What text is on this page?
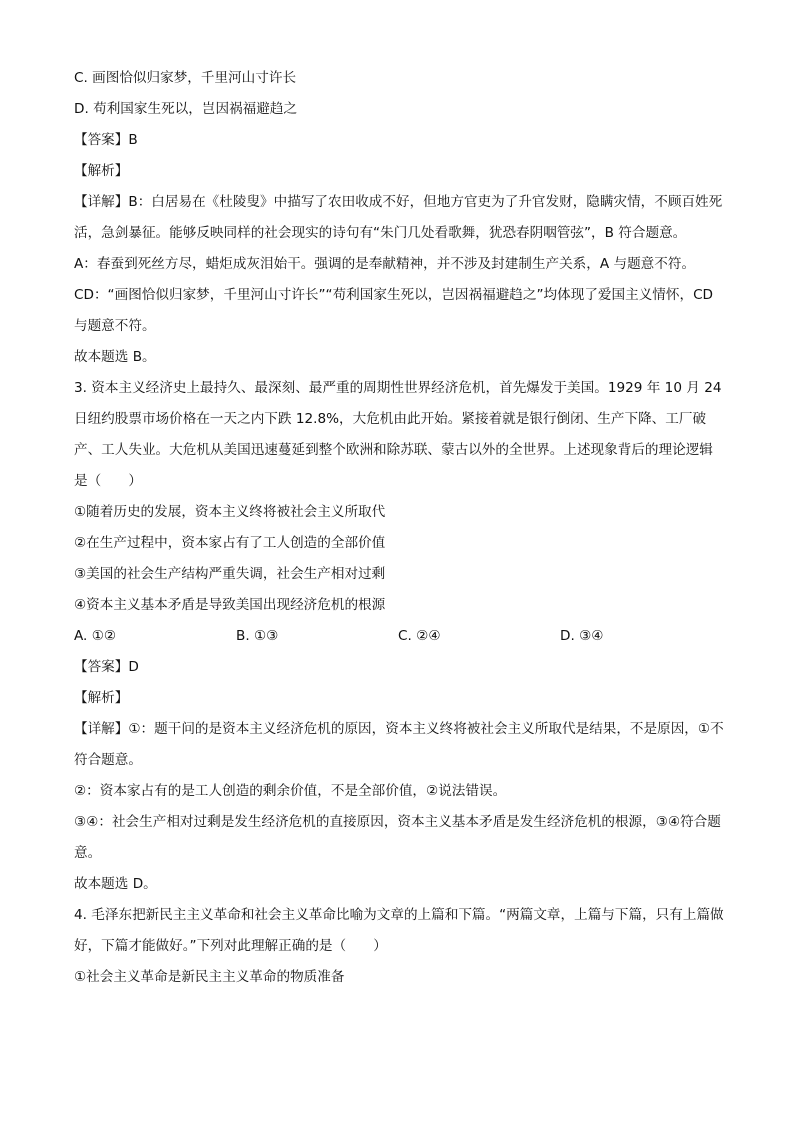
C. 画图恰似归家梦，千里河山寸许长

D. 苟利国家生死以，岂因祸福避趋之

【答案】B

【解析】

【详解】B：白居易在《杜陵叟》中描写了农田收成不好，但地方官吏为了升官发财，隐瞒灾情，不顾百姓死活，急剑暴征。能够反映同样的社会现实的诗句有“朱门几处看歌舞，犹恐春阴咽管弦”，B 符合题意。

A：春蚕到死丝方尽，蜡炬成灰泪始干。强调的是奉献精神，并不涉及封建制生产关系，A 与题意不符。

CD：“画图恰似归家梦，千里河山寸许长”“苟利国家生死以，岂因祸福避趋之”均体现了爱国主义情怀，CD 与题意不符。

故本题选 B。

3. 资本主义经济史上最持久、最深刻、最严重的周期性世界经济危机，首先爆发于美国。1929 年 10 月 24 日纽约股票市场价格在一天之内下跌 12.8%，大危机由此开始。紧接着就是银行倒闭、生产下降、工厂破产、工人失业。大危机从美国迅速蔓延到整个欧洲和除苏联、蒙古以外的全世界。上述现象背后的理论逻辑是（　　）

①随着历史的发展，资本主义终将被社会主义所取代

②在生产过程中，资本家占有了工人创造的全部价值

③美国的社会生产结构严重失调，社会生产相对过剩

④资本主义基本矛盾是导致美国出现经济危机的根源

A. ①②	B. ①③	C. ②④	D. ③④

【答案】D

【解析】

【详解】①：题干问的是资本主义经济危机的原因，资本主义终将被社会主义所取代是结果，不是原因，①不符合题意。

②：资本家占有的是工人创造的剩余价值，不是全部价值，②说法错误。

③④：社会生产相对过剩是发生经济危机的直接原因，资本主义基本矛盾是发生经济危机的根源，③④符合题意。

故本题选 D。

4. 毛泽东把新民主主义革命和社会主义革命比喻为文章的上篇和下篇。“两篇文章，上篇与下篇，只有上篇做好，下篇才能做好。”下列对此理解正确的是（　　）

①社会主义革命是新民主主义革命的物质准备
